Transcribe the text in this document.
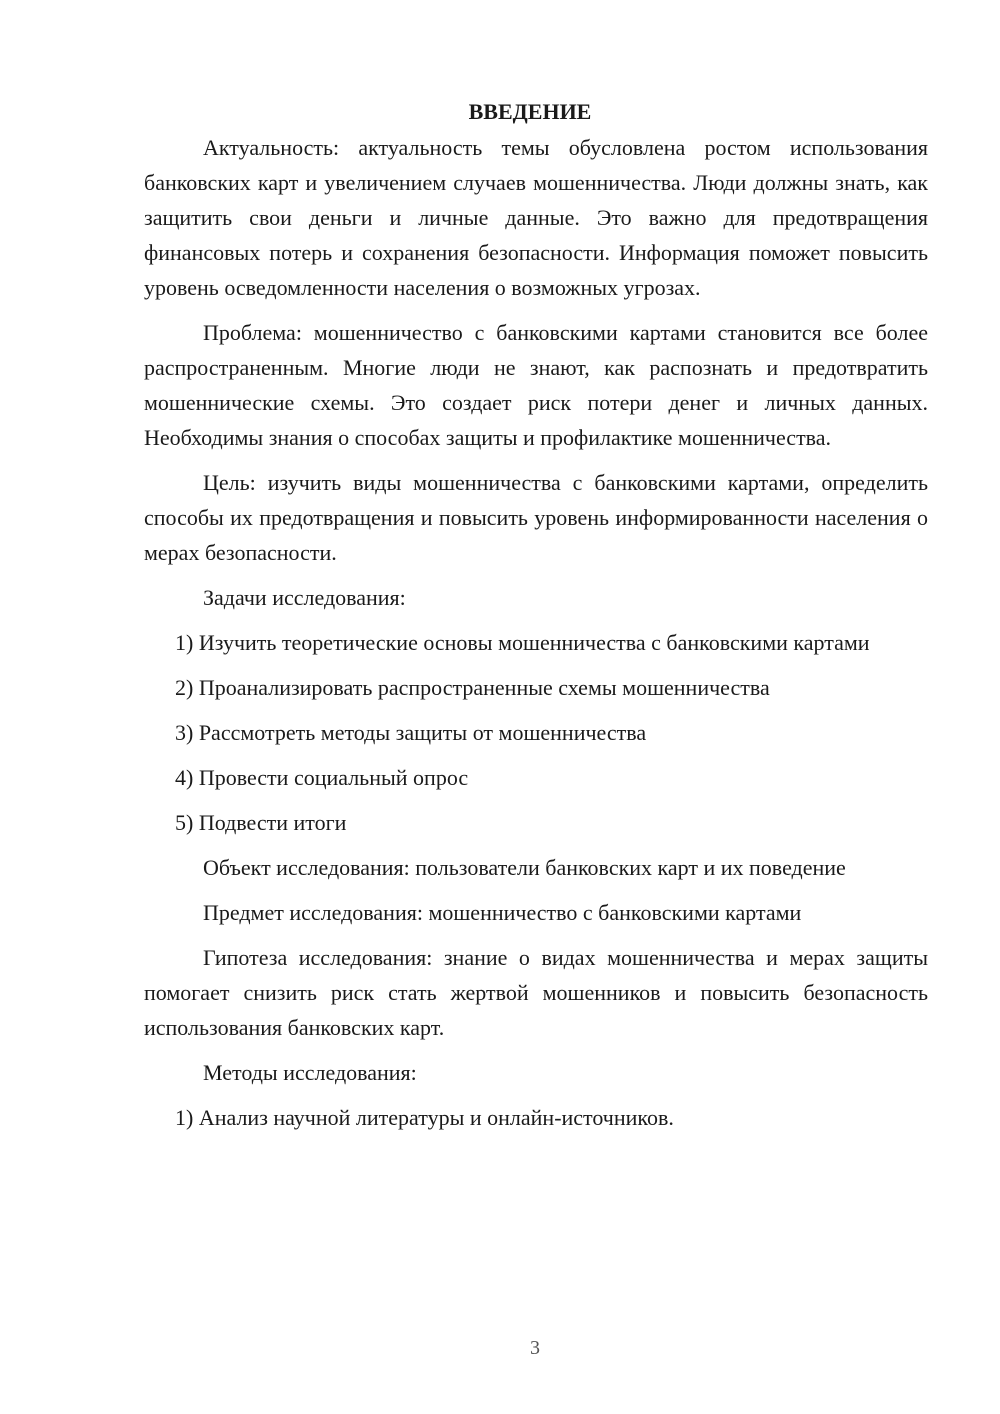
ВВЕДЕНИЕ

Актуальность: актуальность темы обусловлена ростом использования банковских карт и увеличением случаев мошенничества. Люди должны знать, как защитить свои деньги и личные данные. Это важно для предотвращения финансовых потерь и сохранения безопасности. Информация поможет повысить уровень осведомленности населения о возможных угрозах.

Проблема: мошенничество с банковскими картами становится все более распространенным. Многие люди не знают, как распознать и предотвратить мошеннические схемы. Это создает риск потери денег и личных данных. Необходимы знания о способах защиты и профилактике мошенничества.

Цель: изучить виды мошенничества с банковскими картами, определить способы их предотвращения и повысить уровень информированности населения о мерах безопасности.

Задачи исследования:

1) Изучить теоретические основы мошенничества с банковскими картами

2) Проанализировать распространенные схемы мошенничества

3) Рассмотреть методы защиты от мошенничества

4) Провести социальный опрос

5) Подвести итоги

Объект исследования: пользователи банковских карт и их поведение

Предмет исследования: мошенничество с банковскими картами

Гипотеза исследования: знание о видах мошенничества и мерах защиты помогает снизить риск стать жертвой мошенников и повысить безопасность использования банковских карт.

Методы исследования:

1) Анализ научной литературы и онлайн-источников.

3
